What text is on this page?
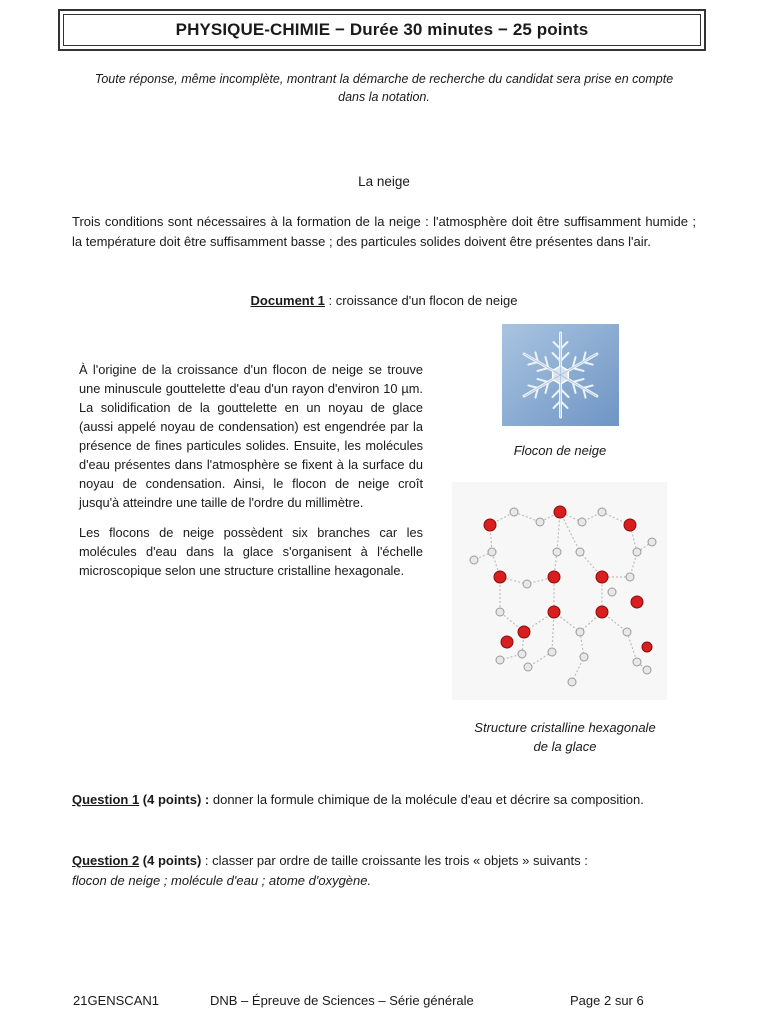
PHYSIQUE-CHIMIE − Durée 30 minutes − 25 points
Toute réponse, même incomplète, montrant la démarche de recherche du candidat sera prise en compte dans la notation.
La neige
Trois conditions sont nécessaires à la formation de la neige : l'atmosphère doit être suffisamment humide ; la température doit être suffisamment basse ; des particules solides doivent être présentes dans l'air.
Document 1 : croissance d'un flocon de neige

À l'origine de la croissance d'un flocon de neige se trouve une minuscule gouttelette d'eau d'un rayon d'environ 10 µm. La solidification de la gouttelette en un noyau de glace (aussi appelé noyau de condensation) est engendrée par la présence de fines particules solides. Ensuite, les molécules d'eau présentes dans l'atmosphère se fixent à la surface du noyau de condensation. Ainsi, le flocon de neige croît jusqu'à atteindre une taille de l'ordre du millimètre.

Les flocons de neige possèdent six branches car les molécules d'eau dans la glace s'organisent à l'échelle microscopique selon une structure cristalline hexagonale.

Flocon de neige
Structure cristalline hexagonale
de la glace
Question 1 (4 points) : donner la formule chimique de la molécule d'eau et décrire sa composition.
Question 2 (4 points) : classer par ordre de taille croissante les trois « objets » suivants :
flocon de neige ; molécule d'eau ; atome d'oxygène.
21GENSCAN1	DNB – Épreuve de Sciences – Série générale	Page 2 sur 6
